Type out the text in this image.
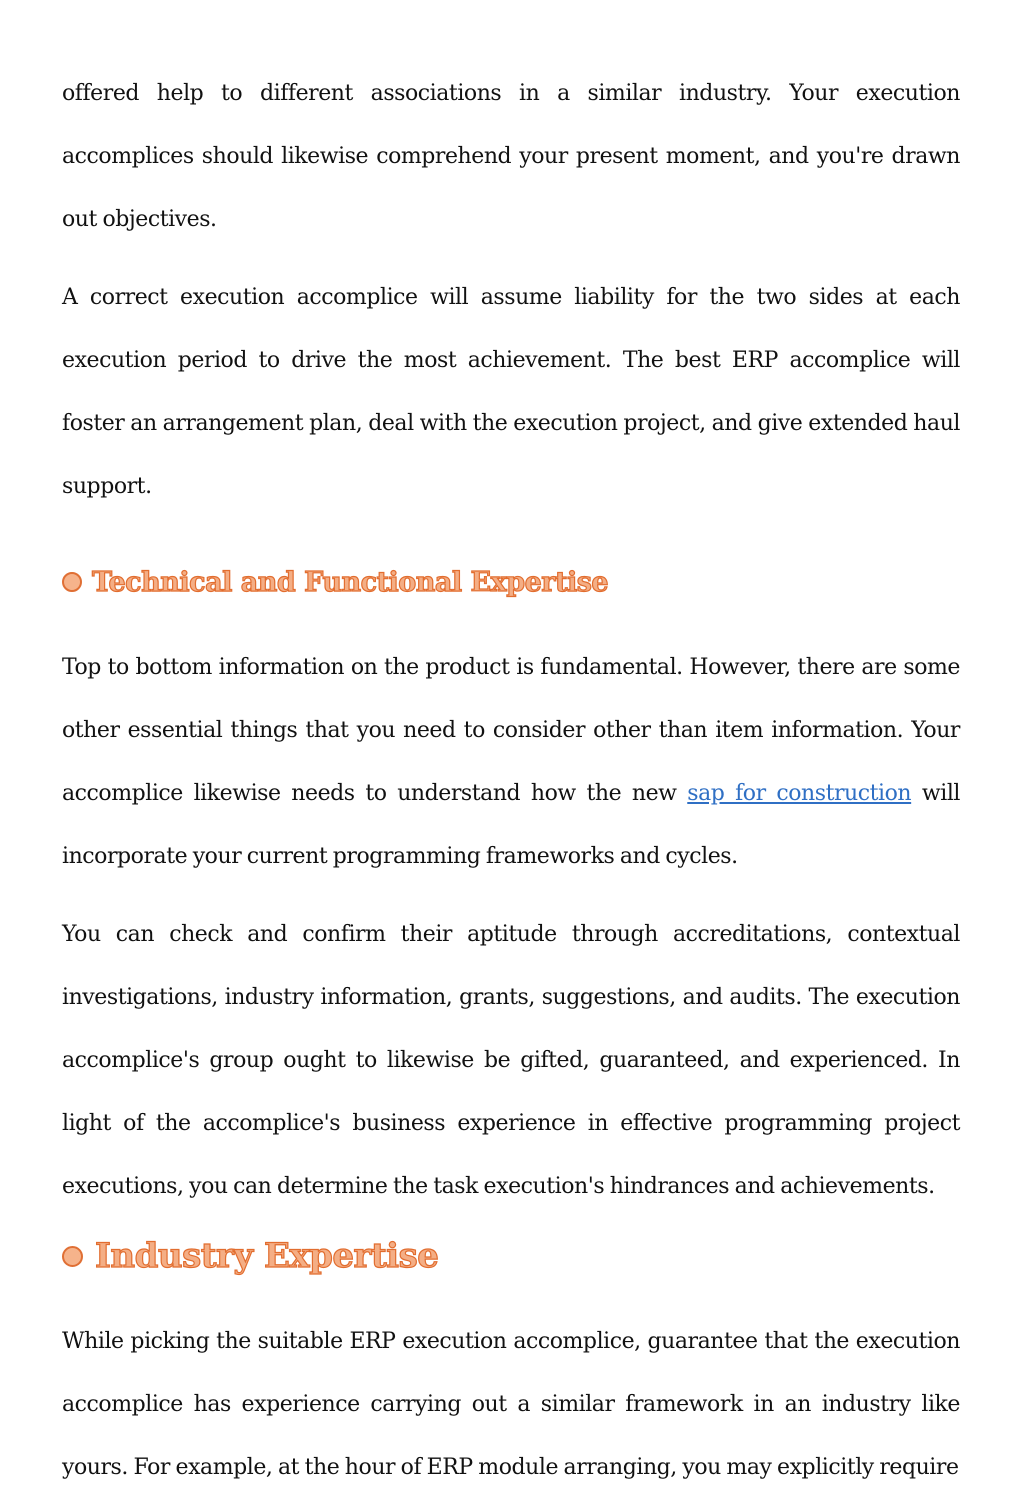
offered help to different associations in a similar industry. Your execution accomplices should likewise comprehend your present moment, and you're drawn out objectives.

A correct execution accomplice will assume liability for the two sides at each execution period to drive the most achievement. The best ERP accomplice will foster an arrangement plan, deal with the execution project, and give extended haul support.

Technical and Functional Expertise

Top to bottom information on the product is fundamental. However, there are some other essential things that you need to consider other than item information. Your accomplice likewise needs to understand how the new sap for construction will incorporate your current programming frameworks and cycles.

You can check and confirm their aptitude through accreditations, contextual investigations, industry information, grants, suggestions, and audits. The execution accomplice's group ought to likewise be gifted, guaranteed, and experienced. In light of the accomplice's business experience in effective programming project executions, you can determine the task execution's hindrances and achievements.

Industry Expertise

While picking the suitable ERP execution accomplice, guarantee that the execution accomplice has experience carrying out a similar framework in an industry like yours. For example, at the hour of ERP module arranging, you may explicitly require
